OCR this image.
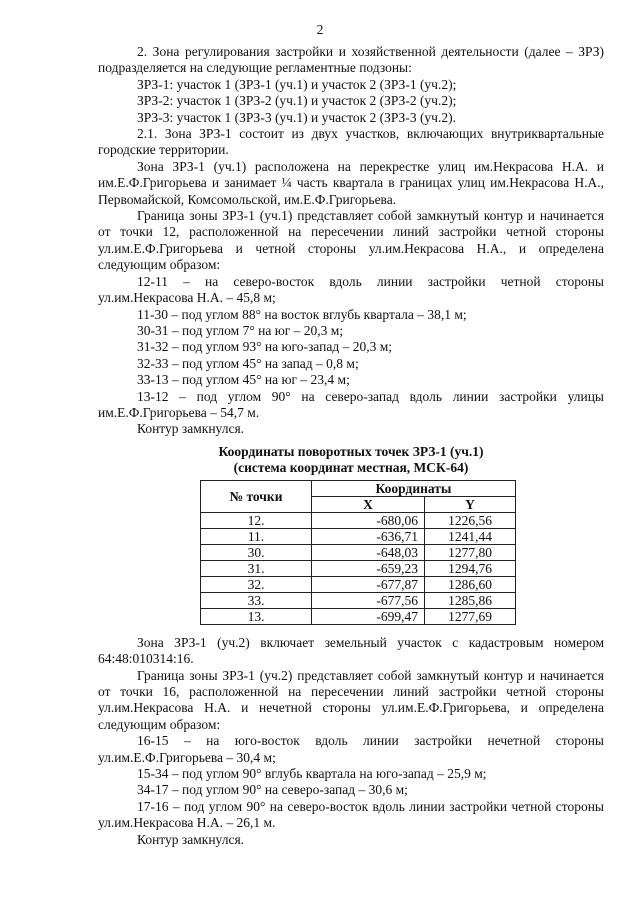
2

2. Зона регулирования застройки и хозяйственной деятельности (далее – ЗРЗ) подразделяется на следующие регламентные подзоны:

ЗРЗ-1: участок 1 (ЗРЗ-1 (уч.1) и участок 2 (ЗРЗ-1 (уч.2);

ЗРЗ-2: участок 1 (ЗРЗ-2 (уч.1) и участок 2 (ЗРЗ-2 (уч.2);

ЗРЗ-3: участок 1 (ЗРЗ-3 (уч.1) и участок 2 (ЗРЗ-3 (уч.2).

2.1. Зона ЗРЗ-1 состоит из двух участков, включающих внутриквартальные городские территории.

Зона ЗРЗ-1 (уч.1) расположена на перекрестке улиц им.Некрасова Н.А. и им.Е.Ф.Григорьева и занимает ¼ часть квартала в границах улиц им.Некрасова Н.А., Первомайской, Комсомольской, им.Е.Ф.Григорьева.

Граница зоны ЗРЗ-1 (уч.1) представляет собой замкнутый контур и начинается от точки 12, расположенной на пересечении линий застройки четной стороны ул.им.Е.Ф.Григорьева и четной стороны ул.им.Некрасова Н.А., и определена следующим образом:

12-11 – на северо-восток вдоль линии застройки четной стороны ул.им.Некрасова Н.А. – 45,8 м;

11-30 – под углом 88° на восток вглубь квартала – 38,1 м;

30-31 – под углом 7° на юг – 20,3 м;

31-32 – под углом 93° на юго-запад – 20,3 м;

32-33 – под углом 45° на запад – 0,8 м;

33-13 – под углом 45° на юг – 23,4 м;

13-12 – под углом 90° на северо-запад вдоль линии застройки улицы им.Е.Ф.Григорьева – 54,7 м.

Контур замкнулся.

Координаты поворотных точек ЗРЗ-1 (уч.1)
(система координат местная, МСК-64)
№ точки	Координаты	
	X	Y
12.	-680,06	1226,56
11.	-636,71	1241,44
30.	-648,03	1277,80
31.	-659,23	1294,76
32.	-677,87	1286,60
33.	-677,56	1285,86
13.	-699,47	1277,69

Зона ЗРЗ-1 (уч.2) включает земельный участок с кадастровым номером 64:48:010314:16.

Граница зоны ЗРЗ-1 (уч.2) представляет собой замкнутый контур и начинается от точки 16, расположенной на пересечении линий застройки четной стороны ул.им.Некрасова Н.А. и нечетной стороны ул.им.Е.Ф.Григорьева, и определена следующим образом:

16-15 – на юго-восток вдоль линии застройки нечетной стороны ул.им.Е.Ф.Григорьева – 30,4 м;

15-34 – под углом 90° вглубь квартала на юго-запад – 25,9 м;

34-17 – под углом 90° на северо-запад – 30,6 м;

17-16 – под углом 90° на северо-восток вдоль линии застройки четной стороны ул.им.Некрасова Н.А. – 26,1 м.

Контур замкнулся.
